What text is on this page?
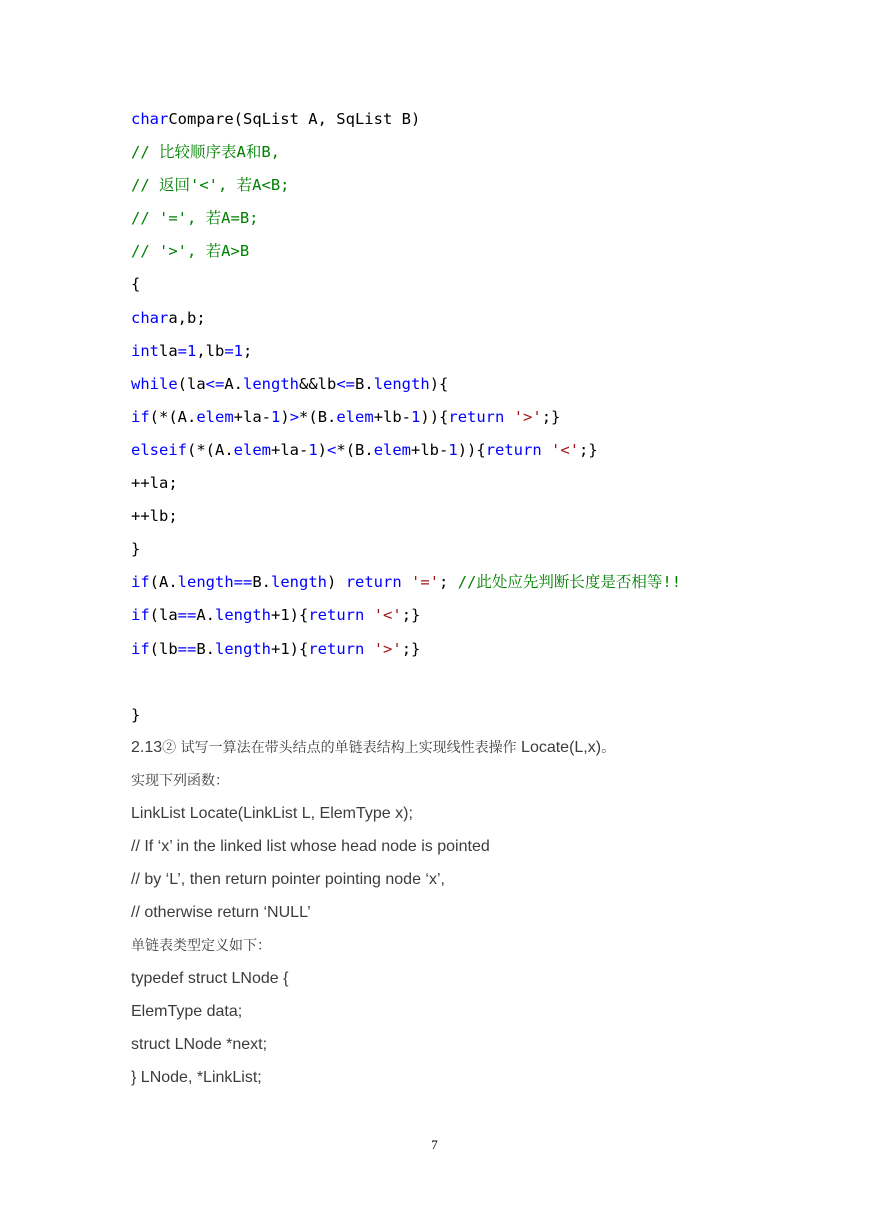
charCompare(SqList A, SqList B)
// 比较顺序表A和B,
// 返回'<', 若A<B;
// '=', 若A=B;
// '>', 若A>B
{
chara,b;
intla=1,lb=1;
while(la<=A.length&&lb<=B.length){
if(*(A.elem+la-1)>*(B.elem+lb-1)){return '>';}
elseif(*(A.elem+la-1)<*(B.elem+lb-1)){return '<';}
++la;
++lb;
}
if(A.length==B.length) return '='; //此处应先判断长度是否相等!!
if(la==A.length+1){return '<';}
if(lb==B.length+1){return '>';}

}
2.13② 试写一算法在带头结点的单链表结构上实现线性表操作 Locate(L,x)。
实现下列函数：
LinkList Locate(LinkList L, ElemType x);
// If ‘x’ in the linked list whose head node is pointed
// by ‘L’, then return pointer pointing node ‘x’,
// otherwise return ‘NULL’
单链表类型定义如下：
typedef struct LNode {
ElemType data;
struct LNode *next;
} LNode, *LinkList;
7
